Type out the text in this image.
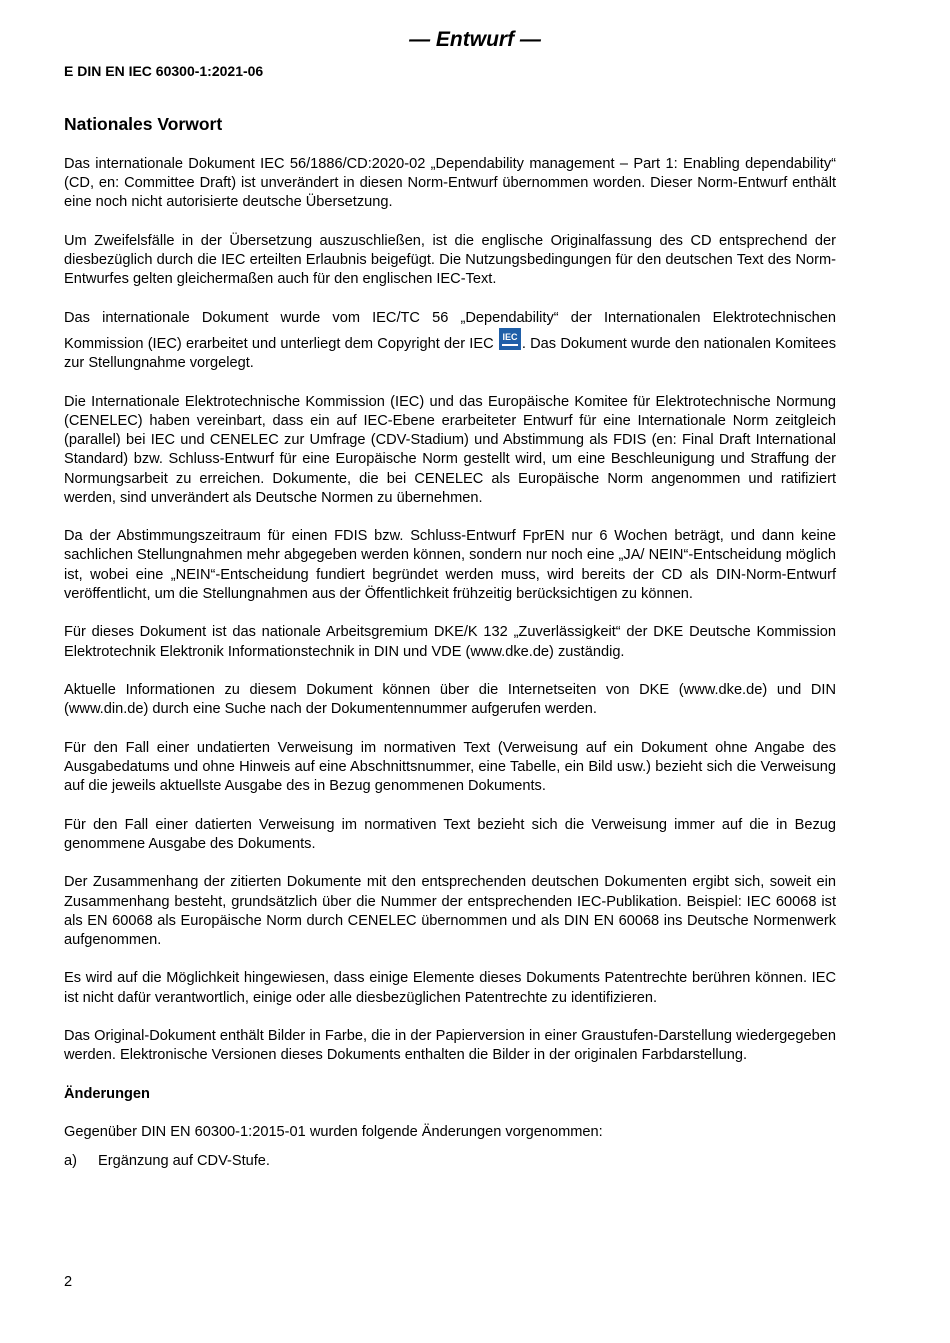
— Entwurf —
E DIN EN IEC 60300-1:2021-06
Nationales Vorwort

Das internationale Dokument IEC 56/1886/CD:2020-02 „Dependability management – Part 1: Enabling dependability“ (CD, en: Committee Draft) ist unverändert in diesen Norm-Entwurf übernommen worden. Dieser Norm-Entwurf enthält eine noch nicht autorisierte deutsche Übersetzung.

Um Zweifelsfälle in der Übersetzung auszuschließen, ist die englische Originalfassung des CD entsprechend der diesbezüglich durch die IEC erteilten Erlaubnis beigefügt. Die Nutzungsbedingungen für den deutschen Text des Norm-Entwurfes gelten gleichermaßen auch für den englischen IEC-Text.

Das internationale Dokument wurde vom IEC/TC 56 „Dependability“ der Internationalen Elektrotechnischen Kommission (IEC) erarbeitet und unterliegt dem Copyright der IEC IEC . Das Dokument wurde den nationalen Komitees zur Stellungnahme vorgelegt.

Die Internationale Elektrotechnische Kommission (IEC) und das Europäische Komitee für Elektrotechnische Normung (CENELEC) haben vereinbart, dass ein auf IEC-Ebene erarbeiteter Entwurf für eine Internationale Norm zeitgleich (parallel) bei IEC und CENELEC zur Umfrage (CDV-Stadium) und Abstimmung als FDIS (en: Final Draft International Standard) bzw. Schluss-Entwurf für eine Europäische Norm gestellt wird, um eine Beschleunigung und Straffung der Normungsarbeit zu erreichen. Dokumente, die bei CENELEC als Europäische Norm angenommen und ratifiziert werden, sind unverändert als Deutsche Normen zu übernehmen.

Da der Abstimmungszeitraum für einen FDIS bzw. Schluss-Entwurf FprEN nur 6 Wochen beträgt, und dann keine sachlichen Stellungnahmen mehr abgegeben werden können, sondern nur noch eine „JA/ NEIN“-Entscheidung möglich ist, wobei eine „NEIN“-Entscheidung fundiert begründet werden muss, wird bereits der CD als DIN-Norm-Entwurf veröffentlicht, um die Stellungnahmen aus der Öffentlichkeit frühzeitig berücksichtigen zu können.

Für dieses Dokument ist das nationale Arbeitsgremium DKE/K 132 „Zuverlässigkeit“ der DKE Deutsche Kommission Elektrotechnik Elektronik Informationstechnik in DIN und VDE (www.dke.de) zuständig.

Aktuelle Informationen zu diesem Dokument können über die Internetseiten von DKE (www.dke.de) und DIN (www.din.de) durch eine Suche nach der Dokumentennummer aufgerufen werden.

Für den Fall einer undatierten Verweisung im normativen Text (Verweisung auf ein Dokument ohne Angabe des Ausgabedatums und ohne Hinweis auf eine Abschnittsnummer, eine Tabelle, ein Bild usw.) bezieht sich die Verweisung auf die jeweils aktuellste Ausgabe des in Bezug genommenen Dokuments.

Für den Fall einer datierten Verweisung im normativen Text bezieht sich die Verweisung immer auf die in Bezug genommene Ausgabe des Dokuments.

Der Zusammenhang der zitierten Dokumente mit den entsprechenden deutschen Dokumenten ergibt sich, soweit ein Zusammenhang besteht, grundsätzlich über die Nummer der entsprechenden IEC-Publikation. Beispiel: IEC 60068 ist als EN 60068 als Europäische Norm durch CENELEC übernommen und als DIN EN 60068 ins Deutsche Normenwerk aufgenommen.

Es wird auf die Möglichkeit hingewiesen, dass einige Elemente dieses Dokuments Patentrechte berühren können. IEC ist nicht dafür verantwortlich, einige oder alle diesbezüglichen Patentrechte zu identifizieren.

Das Original-Dokument enthält Bilder in Farbe, die in der Papierversion in einer Graustufen-Darstellung wiedergegeben werden. Elektronische Versionen dieses Dokuments enthalten die Bilder in der originalen Farbdarstellung.

Änderungen

Gegenüber DIN EN 60300-1:2015-01 wurden folgende Änderungen vorgenommen:

a)	Ergänzung auf CDV-Stufe.
2
